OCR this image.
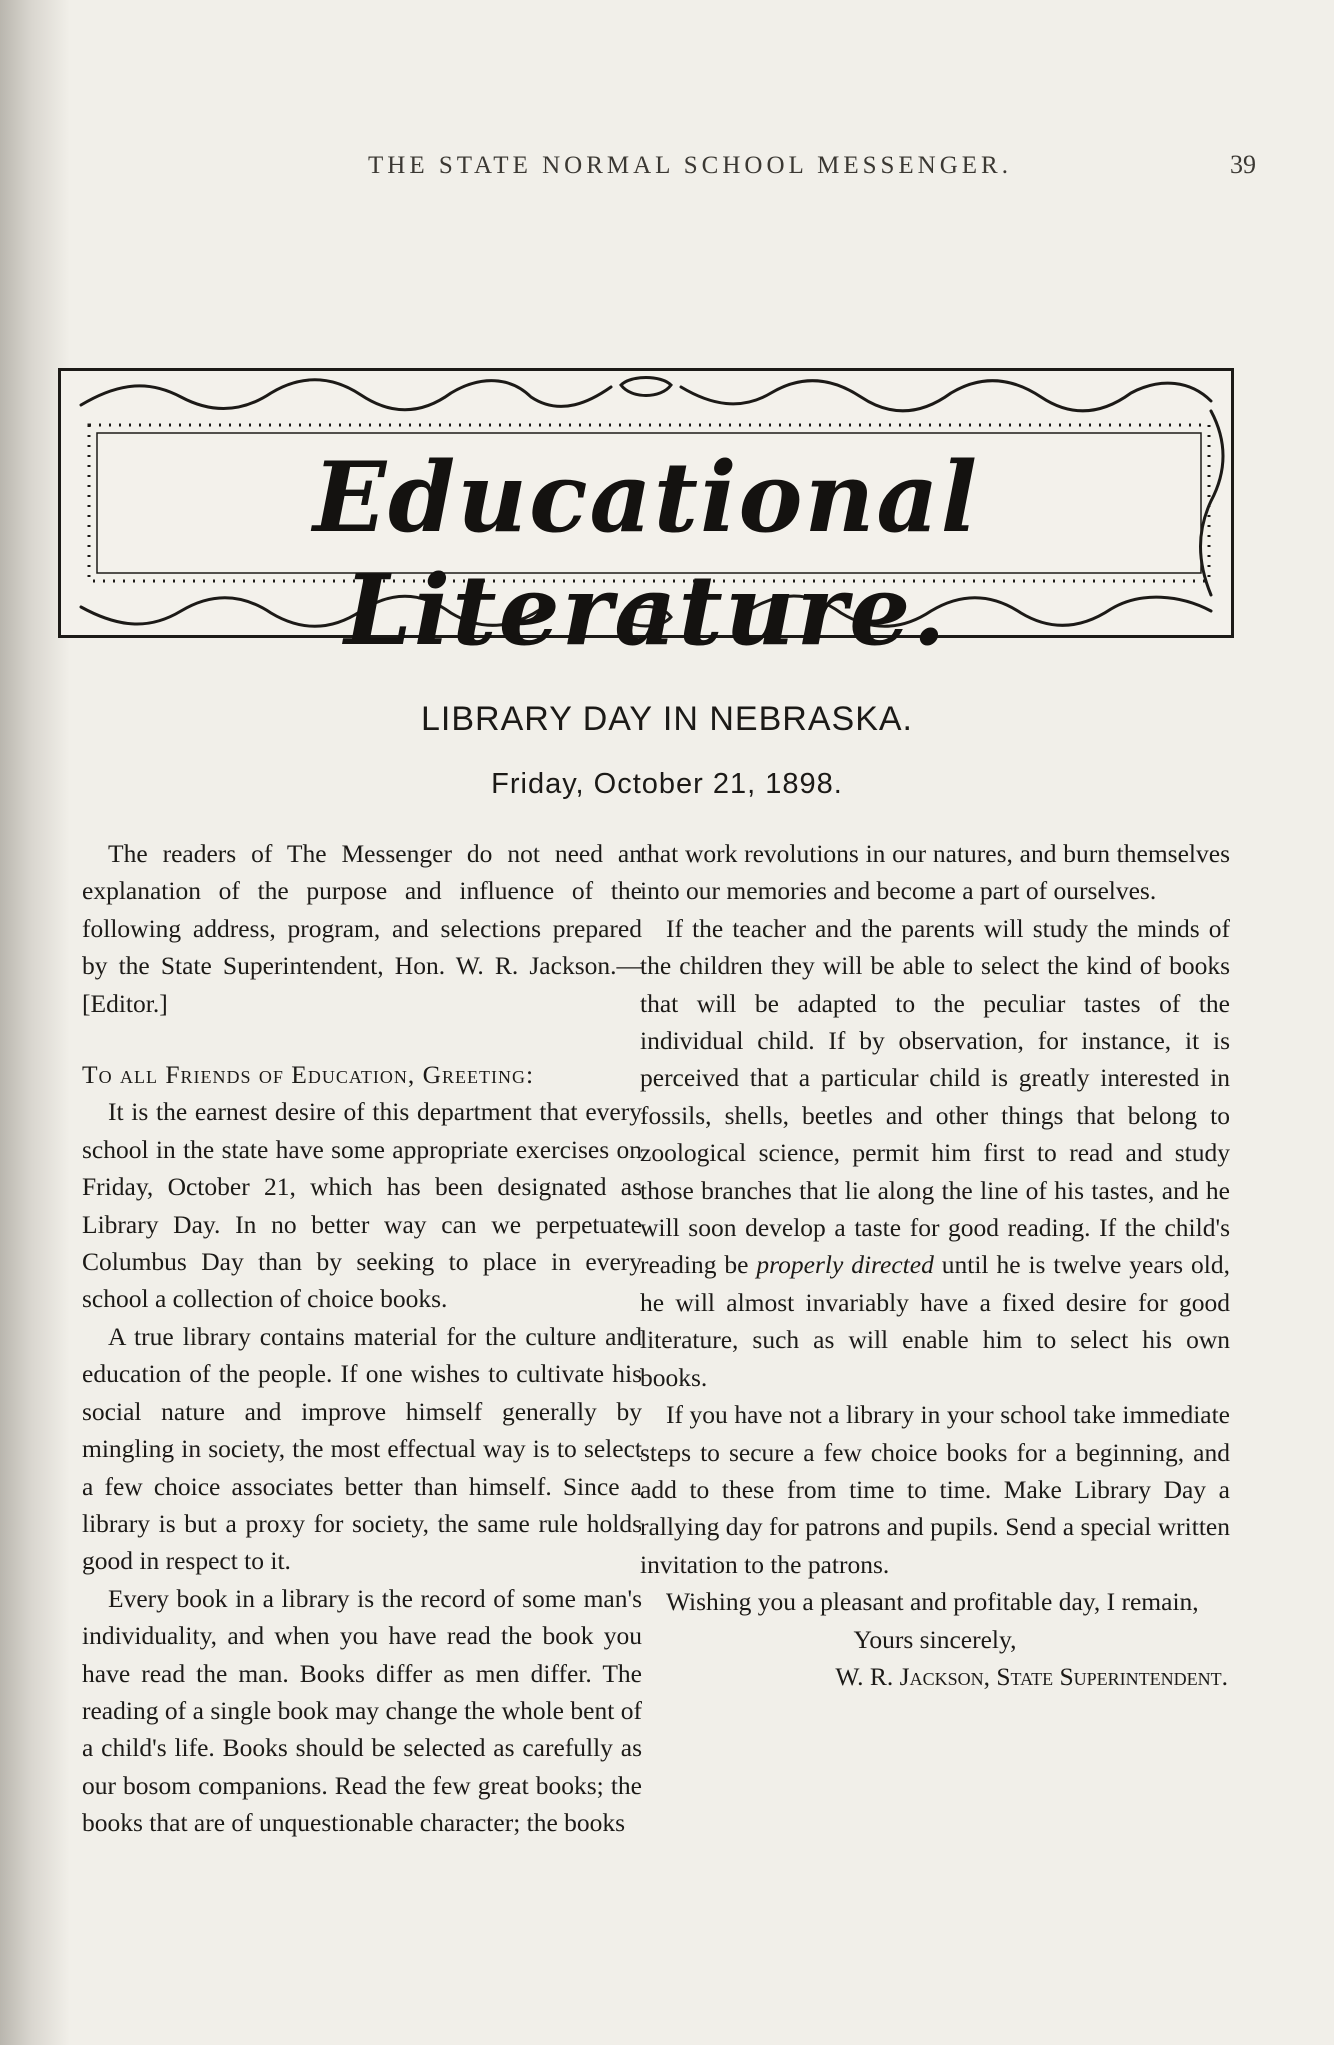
THE STATE NORMAL SCHOOL MESSENGER.	39
Educational Literature.
LIBRARY DAY IN NEBRASKA.
Friday, October 21, 1898.

The readers of The Messenger do not need an explanation of the purpose and influence of the following address, program, and selections prepared by the State Superintendent, Hon. W. R. Jackson.—[Editor.]

To all Friends of Education, Greeting:

It is the earnest desire of this department that every school in the state have some appropriate exercises on Friday, October 21, which has been designated as Library Day. In no better way can we perpetuate Columbus Day than by seeking to place in every school a collection of choice books.

A true library contains material for the culture and education of the people. If one wishes to cultivate his social nature and improve himself generally by mingling in society, the most effectual way is to select a few choice associates better than himself. Since a library is but a proxy for society, the same rule holds good in respect to it.

Every book in a library is the record of some man's individuality, and when you have read the book you have read the man. Books differ as men differ. The reading of a single book may change the whole bent of a child's life. Books should be selected as carefully as our bosom companions. Read the few great books; the books that are of unquestionable character; the books

that work revolutions in our natures, and burn themselves into our memories and become a part of ourselves.

If the teacher and the parents will study the minds of the children they will be able to select the kind of books that will be adapted to the peculiar tastes of the individual child. If by observation, for instance, it is perceived that a particular child is greatly interested in fossils, shells, beetles and other things that belong to zoological science, permit him first to read and study those branches that lie along the line of his tastes, and he will soon develop a taste for good reading. If the child's reading be properly directed until he is twelve years old, he will almost invariably have a fixed desire for good literature, such as will enable him to select his own books.

If you have not a library in your school take immediate steps to secure a few choice books for a beginning, and add to these from time to time. Make Library Day a rallying day for patrons and pupils. Send a special written invitation to the patrons.

Wishing you a pleasant and profitable day, I remain,

Yours sincerely,

W. R. Jackson, State Superintendent.
